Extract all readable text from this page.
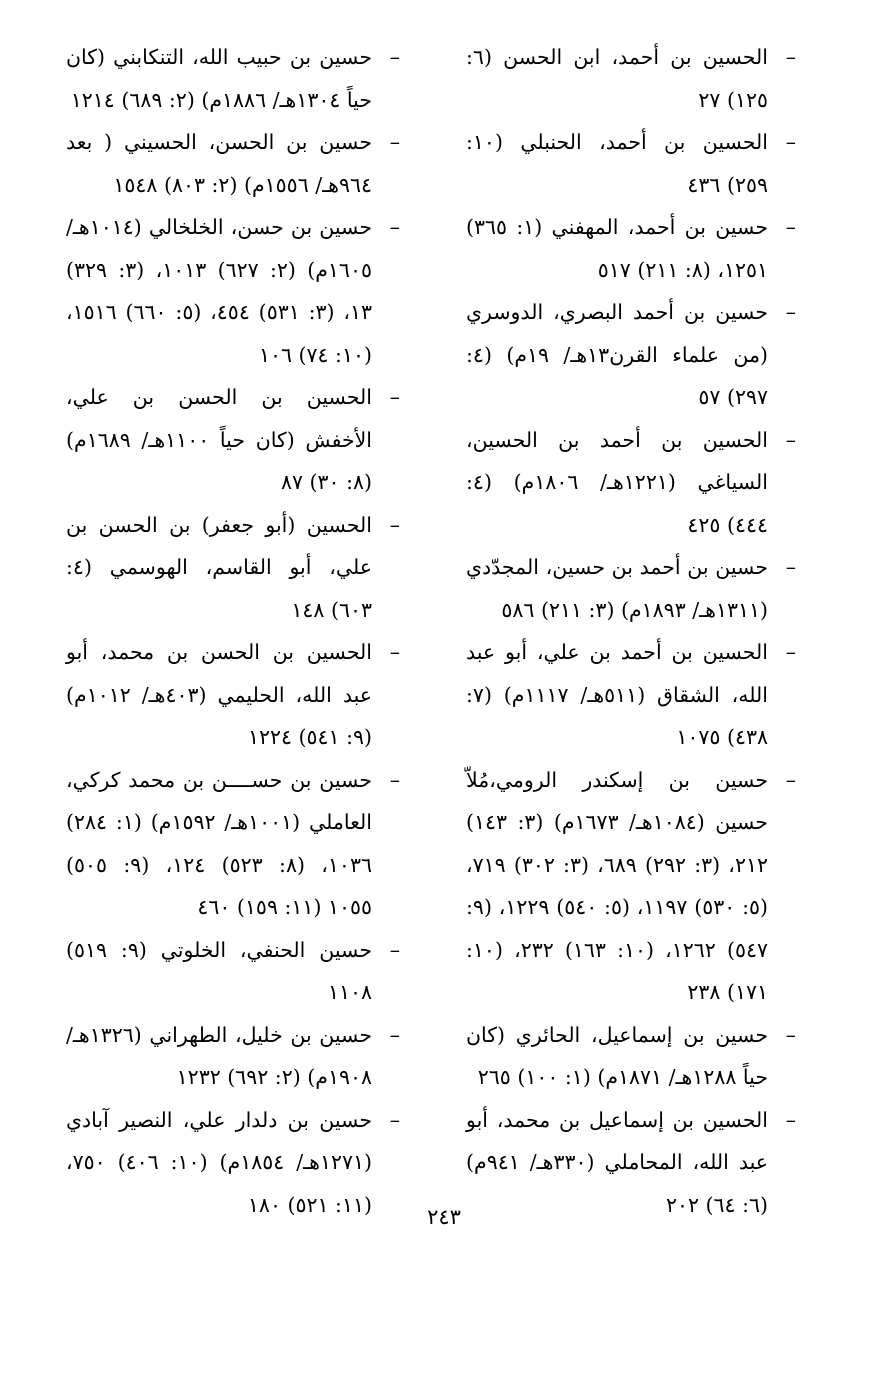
– الحسين بن أحمد، ابن الحسن (٦: ١٢٥) ٢٧
– الحسين بن أحمد، الحنبلي (١٠: ٢٥٩) ٤٣٦
– حسين بن أحمد، المهفني (١: ٣٦٥) ١٢٥١، (٨: ٢١١) ٥١٧
– حسين بن أحمد البصري، الدوسري (من علماء القرن١٣هـ/ ١٩م) (٤: ٢٩٧) ٥٧
– الحسين بن أحمد بن الحسين، السياغي (١٢٢١هـ/ ١٨٠٦م) (٤: ٤٤٤) ٤٢٥
– حسين بن أحمد بن حسين، المجدّدي (١٣١١هـ/ ١٨٩٣م) (٣: ٢١١) ٥٨٦
– الحسين بن أحمد بن علي، أبو عبد الله، الشقاق (٥١١هـ/ ١١١٧م) (٧: ٤٣٨) ١٠٧٥
– حسين بن إسكندر الرومي،مُلاّ حسين (١٠٨٤هـ/ ١٦٧٣م) (٣: ١٤٣) ٢١٢، (٣: ٢٩٢) ٦٨٩، (٣: ٣٠٢) ٧١٩، (٥: ٥٣٠) ١١٩٧، (٥: ٥٤٠) ١٢٢٩، (٩: ٥٤٧) ١٢٦٢، (١٠: ١٦٣) ٢٣٢، (١٠: ١٧١) ٢٣٨
– حسين بن إسماعيل، الحائري (كان حياً ١٢٨٨هـ/ ١٨٧١م) (١: ١٠٠) ٢٦٥
– الحسين بن إسماعيل بن محمد، أبو عبد الله، المحاملي (٣٣٠هـ/ ٩٤١م) (٦: ٦٤) ٢٠٢
– حسين بن حبيب الله، التنكابني (كان حياً ١٣٠٤هـ/ ١٨٨٦م) (٢: ٦٨٩) ١٢١٤
– حسين بن الحسن، الحسيني ( بعد ٩٦٤هـ/ ١٥٥٦م) (٢: ٨٠٣) ١٥٤٨
– حسين بن حسن، الخلخالي (١٠١٤هـ/ ١٦٠٥م) (٢: ٦٢٧) ١٠١٣، (٣: ٣٢٩) ١٣، (٣: ٥٣١) ٤٥٤، (٥: ٦٦٠) ١٥١٦، (١٠: ٧٤) ١٠٦
– الحسين بن الحسن بن علي، الأخفش (كان حياً ١١٠٠هـ/ ١٦٨٩م) (٨: ٣٠) ٨٧
– الحسين (أبو جعفر) بن الحسن بن علي، أبو القاسم، الهوسمي (٤: ٦٠٣) ١٤٨
– الحسين بن الحسن بن محمد، أبو عبد الله، الحليمي (٤٠٣هـ/ ١٠١٢م) (٩: ٥٤١) ١٢٢٤
– حسين بن حســــن بن محمد كركي، العاملي (١٠٠١هـ/ ١٥٩٢م) (١: ٢٨٤) ١٠٣٦، (٨: ٥٢٣) ١٢٤، (٩: ٥٠٥) ١٠٥٥ (١١: ١٥٩) ٤٦٠
– حسين الحنفي، الخلوتي (٩: ٥١٩) ١١٠٨
– حسين بن خليل، الطهراني (١٣٢٦هـ/ ١٩٠٨م) (٢: ٦٩٢) ١٢٣٢
– حسين بن دلدار علي، النصير آبادي (١٢٧١هـ/ ١٨٥٤م) (١٠: ٤٠٦) ٧٥٠، (١١: ٥٢١) ١٨٠
٢٤٣
